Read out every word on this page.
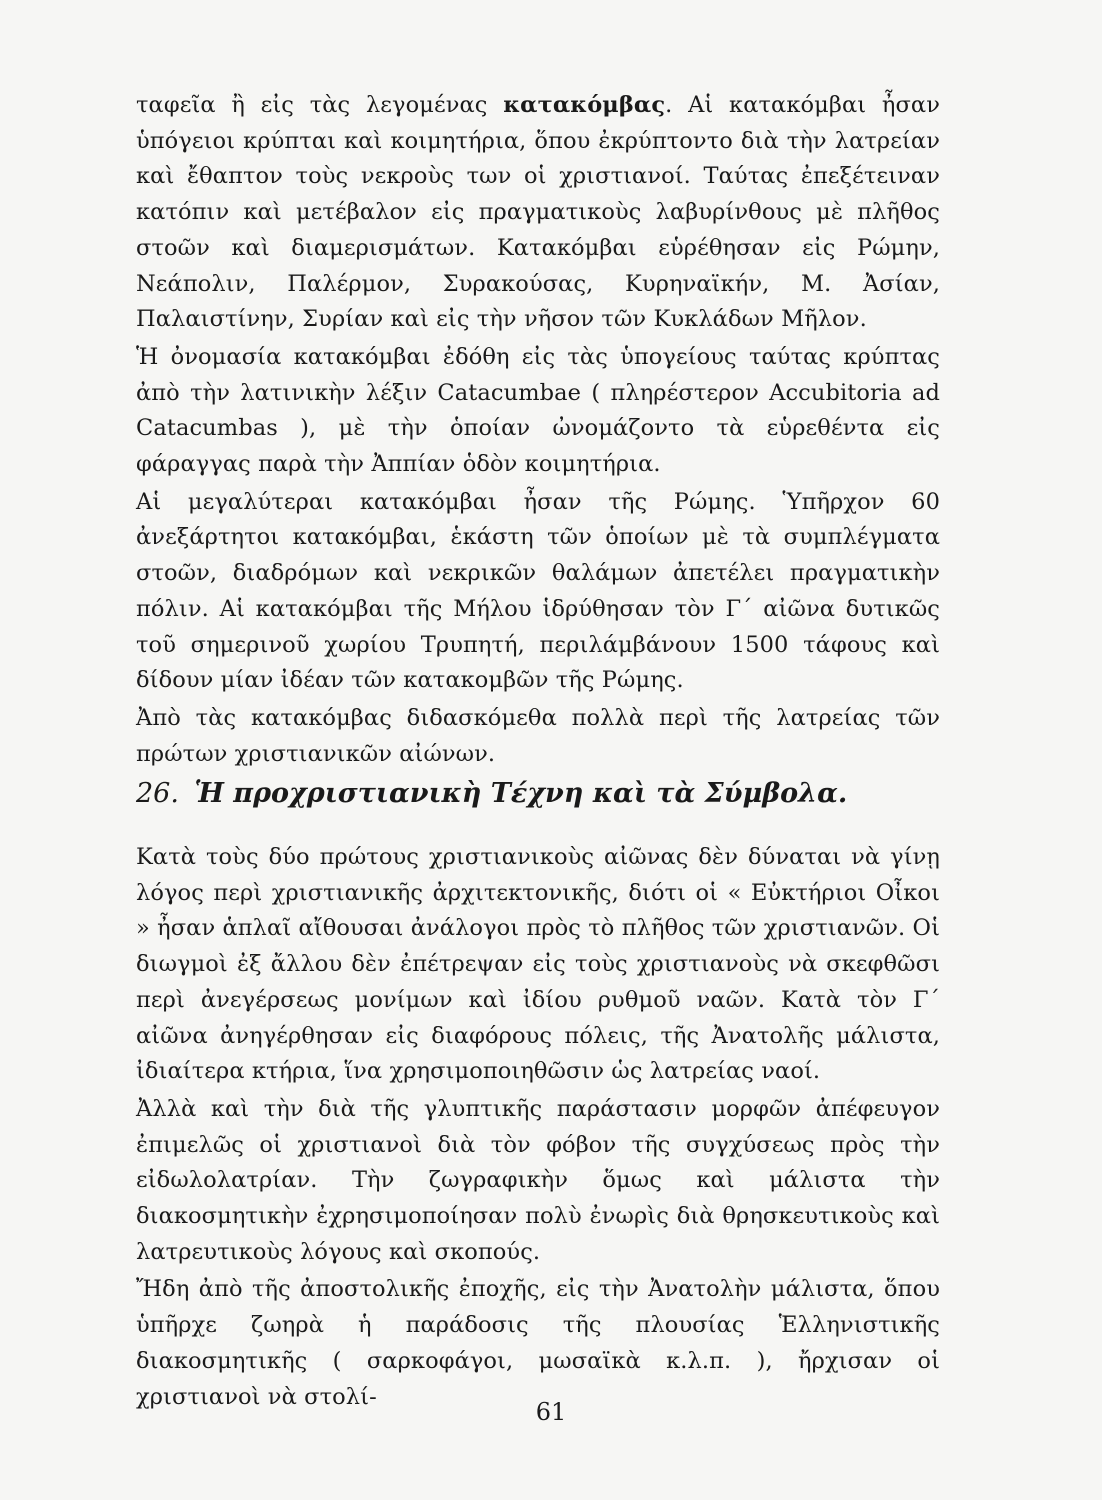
ταφεῖα ἢ εἰς τὰς λεγομένας κατακόμβας. Αἱ κατακόμβαι ἦσαν ὑπόγειοι κρύπται καὶ κοιμητήρια, ὅπου ἐκρύπτοντο διὰ τὴν λατρείαν καὶ ἔθαπτον τοὺς νεκροὺς των οἱ χριστιανοί. Ταύτας ἐπεξέτειναν κατόπιν καὶ μετέβαλον εἰς πραγματικοὺς λαβυρίνθους μὲ πλῆθος στοῶν καὶ διαμερισμάτων. Κατακόμβαι εὑρέθησαν εἰς Ρώμην, Νεάπολιν, Παλέρμον, Συρακούσας, Κυρηναϊκήν, Μ. Ἀσίαν, Παλαιστίνην, Συρίαν καὶ εἰς τὴν νῆσον τῶν Κυκλάδων Μῆλον.

Ἡ ὀνομασία κατακόμβαι ἐδόθη εἰς τὰς ὑπογείους ταύτας κρύπτας ἀπὸ τὴν λατινικὴν λέξιν Catacumbae ( πληρέστερον Accubitoria ad Catacumbas ), μὲ τὴν ὁποίαν ὠνομάζοντο τὰ εὑρεθέντα εἰς φάραγγας παρὰ τὴν Ἀππίαν ὁδὸν κοιμητήρια.

Αἱ μεγαλύτεραι κατακόμβαι ἦσαν τῆς Ρώμης. Ὑπῆρχον 60 ἀνεξάρτητοι κατακόμβαι, ἑκάστη τῶν ὁποίων μὲ τὰ συμπλέγματα στοῶν, διαδρόμων καὶ νεκρικῶν θαλάμων ἀπετέλει πραγματικὴν πόλιν. Αἱ κατακόμβαι τῆς Μήλου ἱδρύθησαν τὸν Γ΄ αἰῶνα δυτικῶς τοῦ σημερινοῦ χωρίου Τρυπητή, περιλάμβάνουν 1500 τάφους καὶ δίδουν μίαν ἰδέαν τῶν κατακομβῶν τῆς Ρώμης.

Ἀπὸ τὰς κατακόμβας διδασκόμεθα πολλὰ περὶ τῆς λατρείας τῶν πρώτων χριστιανικῶν αἰώνων.

26. Ἡ προχριστιανικὴ Τέχνη καὶ τὰ Σύμβολα.

Κατὰ τοὺς δύο πρώτους χριστιανικοὺς αἰῶνας δὲν δύναται νὰ γίνῃ λόγος περὶ χριστιανικῆς ἀρχιτεκτονικῆς, διότι οἱ « Εὐκτήριοι Οἶκοι » ἦσαν ἁπλαῖ αἴθουσαι ἀνάλογοι πρὸς τὸ πλῆθος τῶν χριστιανῶν. Οἱ διωγμοὶ ἐξ ἄλλου δὲν ἐπέτρεψαν εἰς τοὺς χριστιανοὺς νὰ σκεφθῶσι περὶ ἀνεγέρσεως μονίμων καὶ ἰδίου ρυθμοῦ ναῶν. Κατὰ τὸν Γ΄ αἰῶνα ἀνηγέρθησαν εἰς διαφόρους πόλεις, τῆς Ἀνατολῆς μάλιστα, ἰδιαίτερα κτήρια, ἵνα χρησιμοποιηθῶσιν ὡς λατρείας ναοί.

Ἀλλὰ καὶ τὴν διὰ τῆς γλυπτικῆς παράστασιν μορφῶν ἀπέφευγον ἐπιμελῶς οἱ χριστιανοὶ διὰ τὸν φόβον τῆς συγχύσεως πρὸς τὴν εἰδωλολατρίαν. Τὴν ζωγραφικὴν ὅμως καὶ μάλιστα τὴν διακοσμητικὴν ἐχρησιμοποίησαν πολὺ ἐνωρὶς διὰ θρησκευτικοὺς καὶ λατρευτικοὺς λόγους καὶ σκοπούς.

Ἤδη ἀπὸ τῆς ἀποστολικῆς ἐποχῆς, εἰς τὴν Ἀνατολὴν μάλιστα, ὅπου ὑπῆρχε ζωηρὰ ἡ παράδοσις τῆς πλουσίας Ἑλληνιστικῆς διακοσμητικῆς ( σαρκοφάγοι, μωσαϊκὰ κ.λ.π. ), ἤρχισαν οἱ χριστιανοὶ νὰ στολί-

61
